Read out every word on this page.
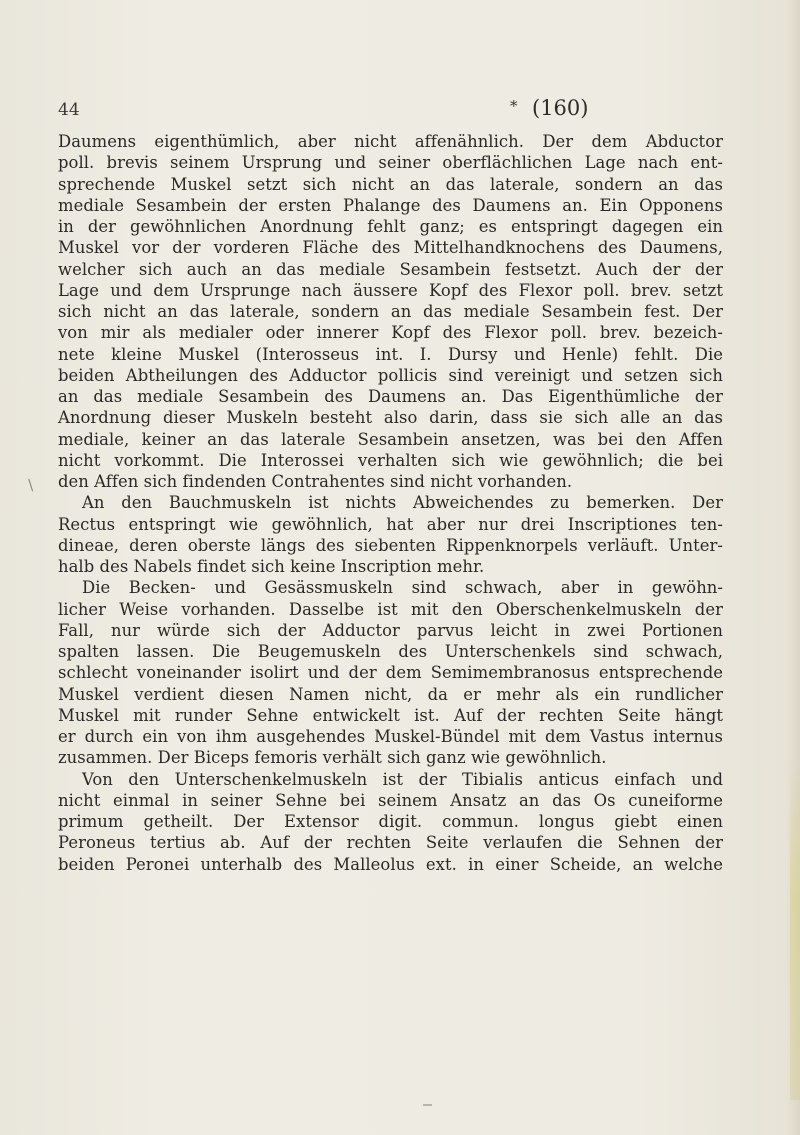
44	* (160)
/
Daumens eigenthümlich, aber nicht affenähnlich. Der dem Abductor
poll. brevis seinem Ursprung und seiner oberflächlichen Lage nach ent-
sprechende Muskel setzt sich nicht an das laterale, sondern an das
mediale Sesambein der ersten Phalange des Daumens an. Ein Opponens
in der gewöhnlichen Anordnung fehlt ganz; es entspringt dagegen ein
Muskel vor der vorderen Fläche des Mittelhandknochens des Daumens,
welcher sich auch an das mediale Sesambein festsetzt. Auch der der
Lage und dem Ursprunge nach äussere Kopf des Flexor poll. brev. setzt
sich nicht an das laterale, sondern an das mediale Sesambein fest. Der
von mir als medialer oder innerer Kopf des Flexor poll. brev. bezeich-
nete kleine Muskel (Interosseus int. I. Dursy und Henle) fehlt. Die
beiden Abtheilungen des Adductor pollicis sind vereinigt und setzen sich
an das mediale Sesambein des Daumens an. Das Eigenthümliche der
Anordnung dieser Muskeln besteht also darin, dass sie sich alle an das
mediale, keiner an das laterale Sesambein ansetzen, was bei den Affen
nicht vorkommt. Die Interossei verhalten sich wie gewöhnlich; die bei
den Affen sich findenden Contrahentes sind nicht vorhanden.
An den Bauchmuskeln ist nichts Abweichendes zu bemerken. Der
Rectus entspringt wie gewöhnlich, hat aber nur drei Inscriptiones ten-
dineae, deren oberste längs des siebenten Rippenknorpels verläuft. Unter-
halb des Nabels findet sich keine Inscription mehr.
Die Becken- und Gesässmuskeln sind schwach, aber in gewöhn-
licher Weise vorhanden. Dasselbe ist mit den Oberschenkelmuskeln der
Fall, nur würde sich der Adductor parvus leicht in zwei Portionen
spalten lassen. Die Beugemuskeln des Unterschenkels sind schwach,
schlecht voneinander isolirt und der dem Semimembranosus entsprechende
Muskel verdient diesen Namen nicht, da er mehr als ein rundlicher
Muskel mit runder Sehne entwickelt ist. Auf der rechten Seite hängt
er durch ein von ihm ausgehendes Muskel-Bündel mit dem Vastus internus
zusammen. Der Biceps femoris verhält sich ganz wie gewöhnlich.
Von den Unterschenkelmuskeln ist der Tibialis anticus einfach und
nicht einmal in seiner Sehne bei seinem Ansatz an das Os cuneiforme
primum getheilt. Der Extensor digit. commun. longus giebt einen
Peroneus tertius ab. Auf der rechten Seite verlaufen die Sehnen der
beiden Peronei unterhalb des Malleolus ext. in einer Scheide, an welche
